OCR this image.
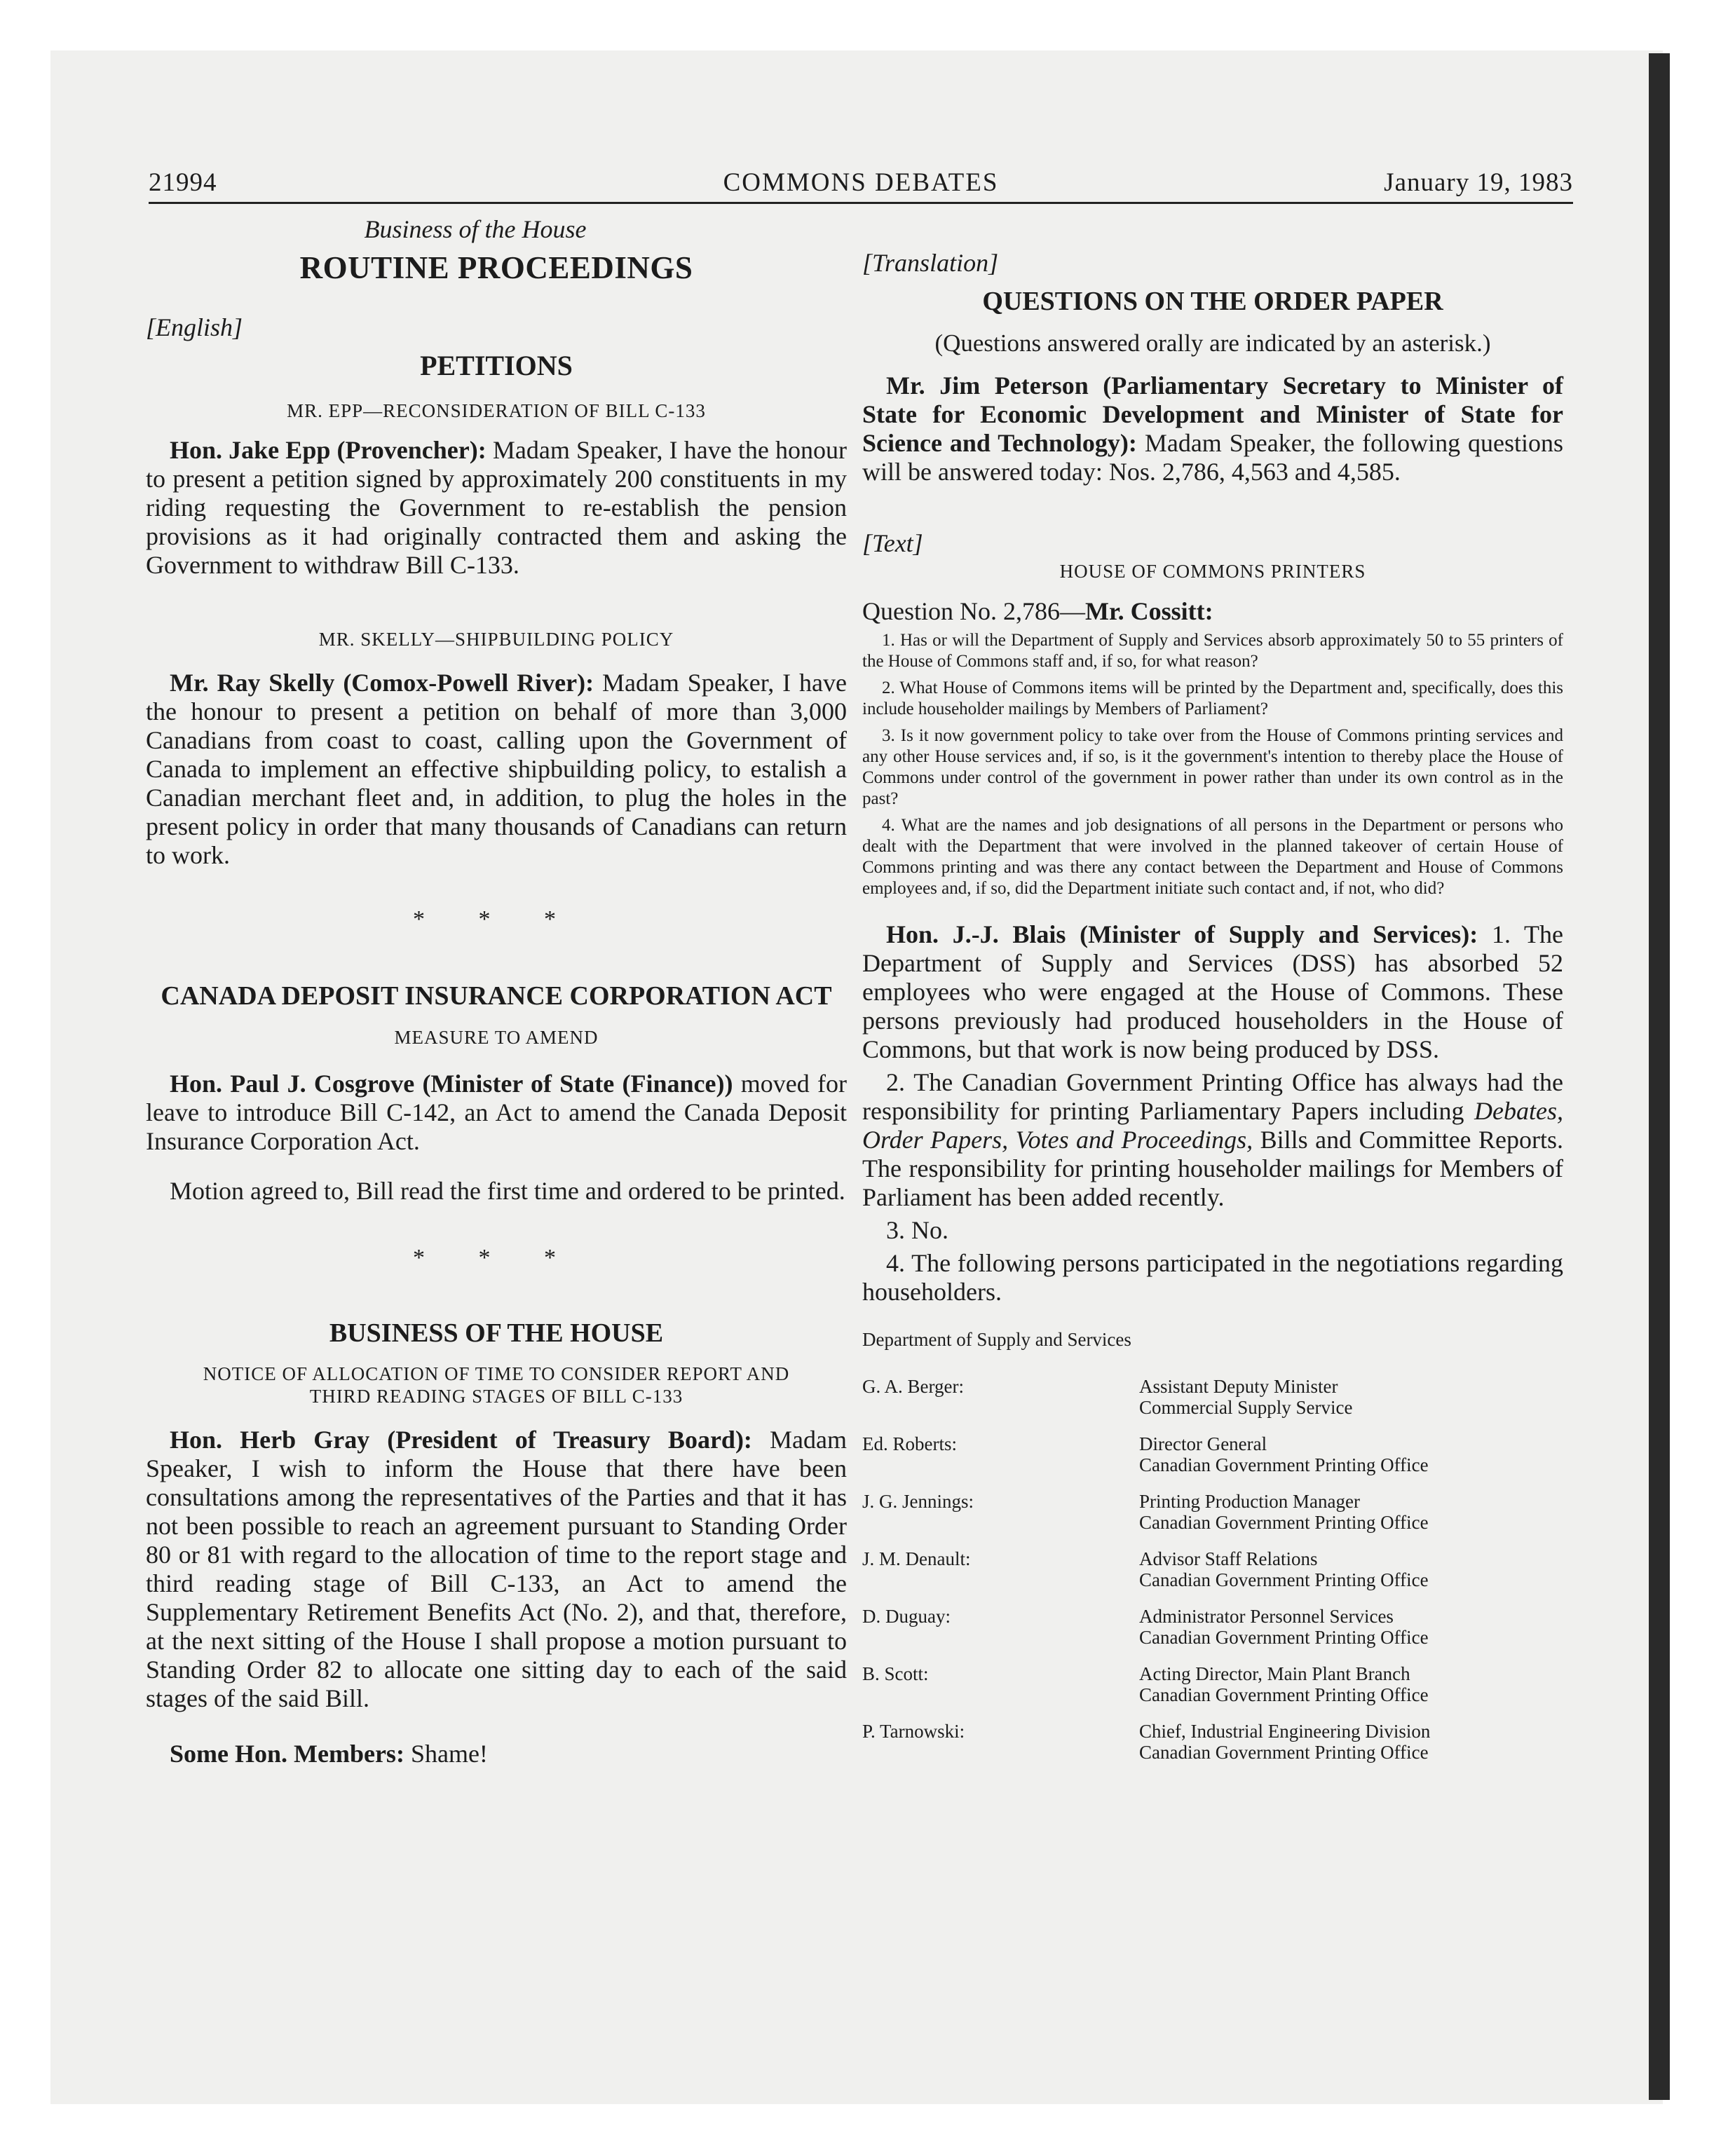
21994	COMMONS DEBATES	January 19, 1983

Business of the House

ROUTINE PROCEEDINGS

[English]

PETITIONS

MR. EPP—RECONSIDERATION OF BILL C-133

Hon. Jake Epp (Provencher): Madam Speaker, I have the honour to present a petition signed by approximately 200 constituents in my riding requesting the Government to re-establish the pension provisions as it had originally contracted them and asking the Government to withdraw Bill C-133.

MR. SKELLY—SHIPBUILDING POLICY

Mr. Ray Skelly (Comox-Powell River): Madam Speaker, I have the honour to present a petition on behalf of more than 3,000 Canadians from coast to coast, calling upon the Government of Canada to implement an effective shipbuilding policy, to estalish a Canadian merchant fleet and, in addition, to plug the holes in the present policy in order that many thousands of Canadians can return to work.

* * *

CANADA DEPOSIT INSURANCE CORPORATION ACT

MEASURE TO AMEND

Hon. Paul J. Cosgrove (Minister of State (Finance)) moved for leave to introduce Bill C-142, an Act to amend the Canada Deposit Insurance Corporation Act.

Motion agreed to, Bill read the first time and ordered to be printed.

* * *

BUSINESS OF THE HOUSE

NOTICE OF ALLOCATION OF TIME TO CONSIDER REPORT AND THIRD READING STAGES OF BILL C-133

Hon. Herb Gray (President of Treasury Board): Madam Speaker, I wish to inform the House that there have been consultations among the representatives of the Parties and that it has not been possible to reach an agreement pursuant to Standing Order 80 or 81 with regard to the allocation of time to the report stage and third reading stage of Bill C-133, an Act to amend the Supplementary Retirement Benefits Act (No. 2), and that, therefore, at the next sitting of the House I shall propose a motion pursuant to Standing Order 82 to allocate one sitting day to each of the said stages of the said Bill.

Some Hon. Members: Shame!

[Translation]

QUESTIONS ON THE ORDER PAPER

(Questions answered orally are indicated by an asterisk.)

Mr. Jim Peterson (Parliamentary Secretary to Minister of State for Economic Development and Minister of State for Science and Technology): Madam Speaker, the following questions will be answered today: Nos. 2,786, 4,563 and 4,585.

[Text]

HOUSE OF COMMONS PRINTERS

Question No. 2,786—Mr. Cossitt:

1. Has or will the Department of Supply and Services absorb approximately 50 to 55 printers of the House of Commons staff and, if so, for what reason?

2. What House of Commons items will be printed by the Department and, specifically, does this include householder mailings by Members of Parliament?

3. Is it now government policy to take over from the House of Commons printing services and any other House services and, if so, is it the government's intention to thereby place the House of Commons under control of the government in power rather than under its own control as in the past?

4. What are the names and job designations of all persons in the Department or persons who dealt with the Department that were involved in the planned takeover of certain House of Commons printing and was there any contact between the Department and House of Commons employees and, if so, did the Department initiate such contact and, if not, who did?

Hon. J.-J. Blais (Minister of Supply and Services): 1. The Department of Supply and Services (DSS) has absorbed 52 employees who were engaged at the House of Commons. These persons previously had produced householders in the House of Commons, but that work is now being produced by DSS.

2. The Canadian Government Printing Office has always had the responsibility for printing Parliamentary Papers including Debates, Order Papers, Votes and Proceedings, Bills and Committee Reports. The responsibility for printing householder mailings for Members of Parliament has been added recently.

3. No.

4. The following persons participated in the negotiations regarding householders.

Department of Supply and Services

G. A. Berger:	Assistant Deputy Minister
Commercial Supply Service

Ed. Roberts:	Director General
Canadian Government Printing Office

J. G. Jennings:	Printing Production Manager
Canadian Government Printing Office

J. M. Denault:	Advisor Staff Relations
Canadian Government Printing Office

D. Duguay:	Administrator Personnel Services
Canadian Government Printing Office

B. Scott:	Acting Director, Main Plant Branch
Canadian Government Printing Office

P. Tarnowski:	Chief, Industrial Engineering Division
Canadian Government Printing Office
